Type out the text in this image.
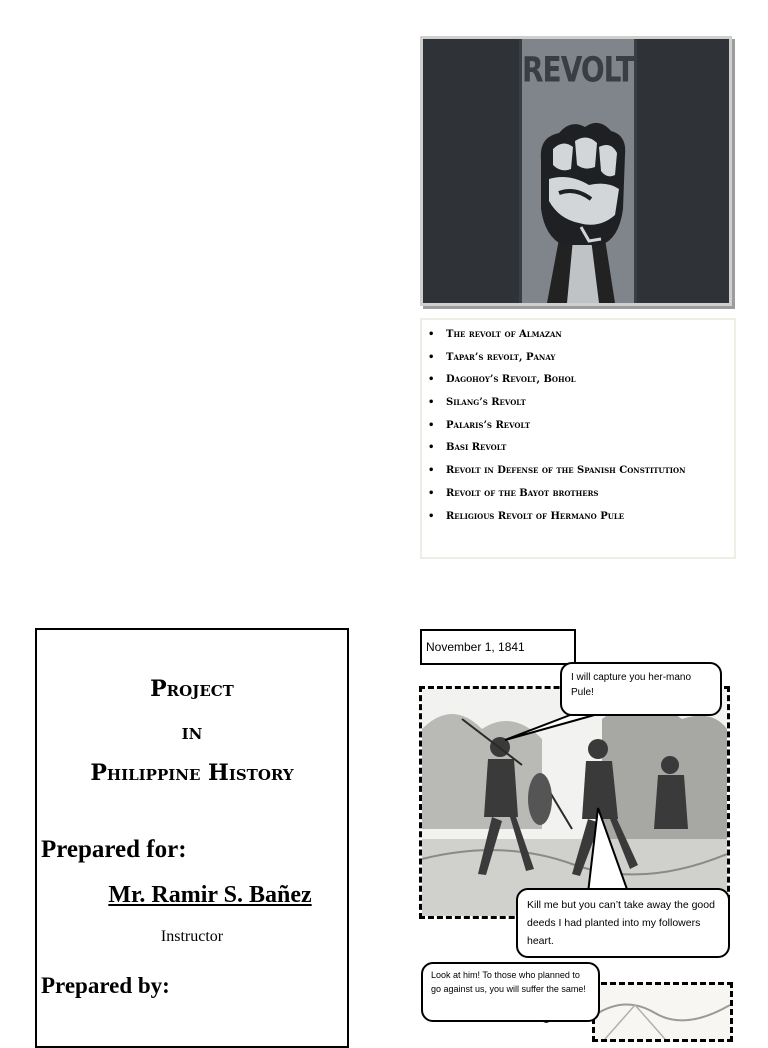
REVOLT
• The revolt of Almazan
• Tapar’s revolt, Panay
• Dagohoy’s Revolt, Bohol
• Silang’s Revolt
• Palaris’s Revolt
• Basi Revolt
• Revolt in Defense of the Spanish Constitution
• Revolt of the Bayot brothers
• Religious Revolt of Hermano Pule
Project
in
Philippine History
Prepared for:
Mr. Ramir S. Bañez
Instructor
Prepared by:
November 1, 1841
I will capture you her-mano Pule!
Kill me but you can’t take away the good deeds I had planted into my followers heart.
Look at him! To those who planned to go against us, you will suffer the same!
